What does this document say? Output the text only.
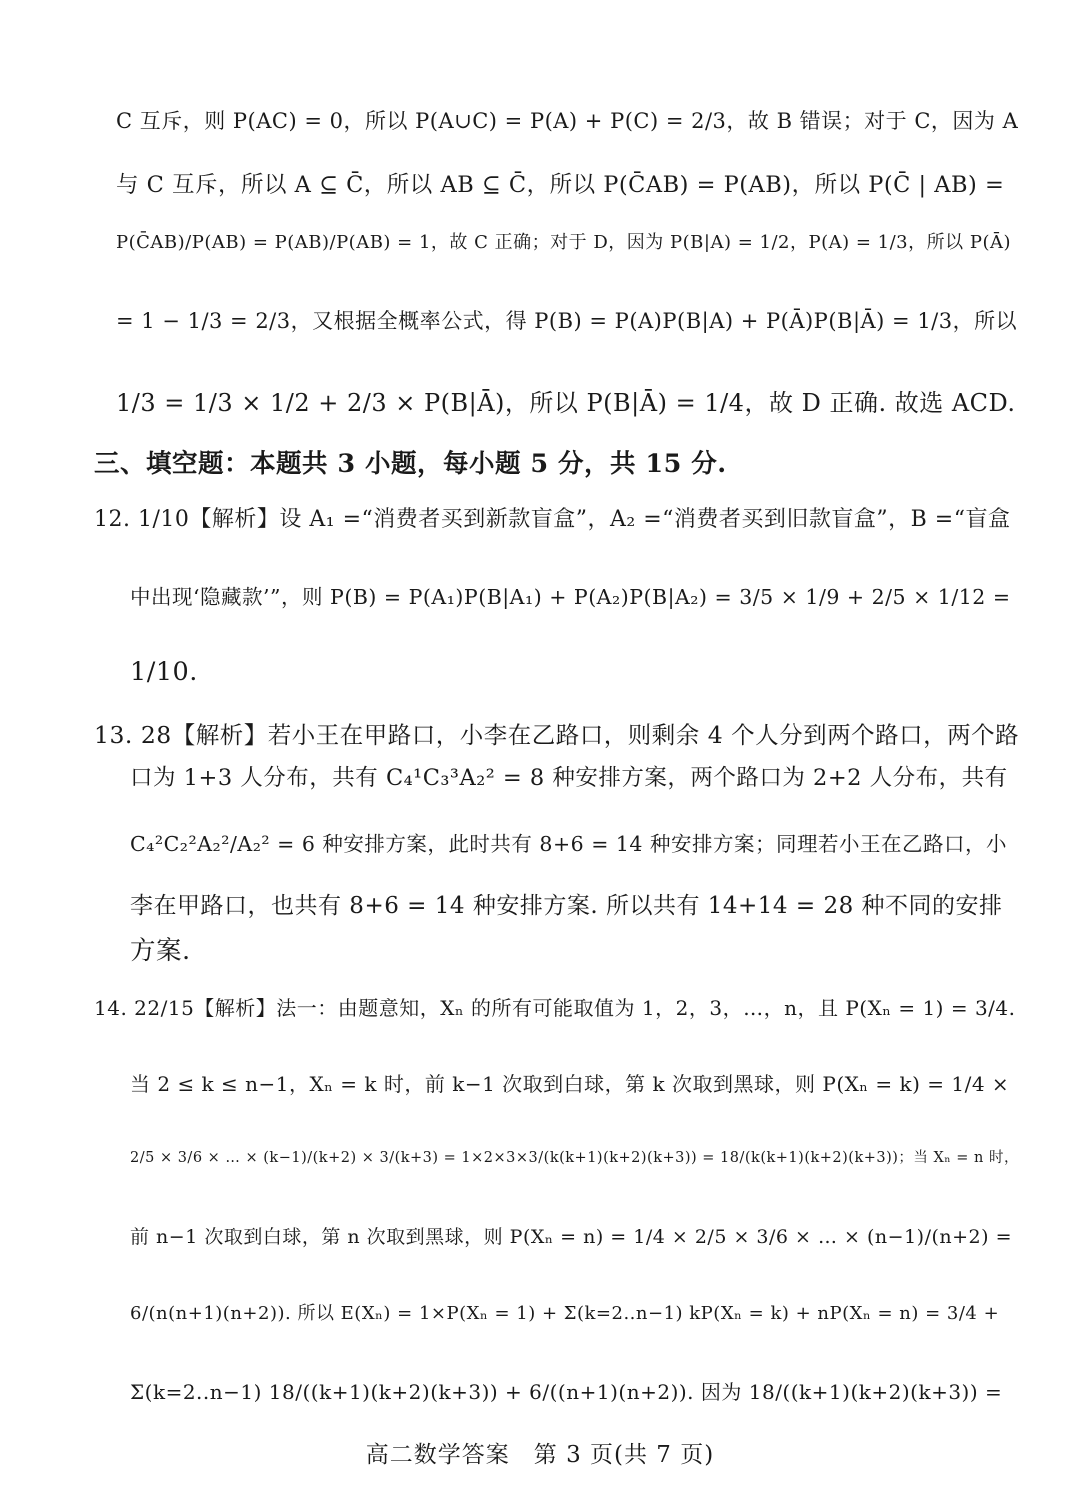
C 互斥，则 P(AC) = 0，所以 P(A∪C) = P(A) + P(C) = 2/3，故 B 错误；对于 C，因为 A
与 C 互斥，所以 A ⊆ C̄，所以 AB ⊆ C̄，所以 P(C̄AB) = P(AB)，所以 P(C̄ | AB) =
P(C̄AB)/P(AB) = P(AB)/P(AB) = 1，故 C 正确；对于 D，因为 P(B|A) = 1/2，P(A) = 1/3，所以 P(Ā)
= 1 − 1/3 = 2/3，又根据全概率公式，得 P(B) = P(A)P(B|A) + P(Ā)P(B|Ā) = 1/3，所以
1/3 = 1/3 × 1/2 + 2/3 × P(B|Ā)，所以 P(B|Ā) = 1/4，故 D 正确. 故选 ACD.
三、填空题：本题共 3 小题，每小题 5 分，共 15 分.
12. 1/10【解析】设 A₁ =“消费者买到新款盲盒”，A₂ =“消费者买到旧款盲盒”，B =“盲盒
中出现‘隐藏款’”，则 P(B) = P(A₁)P(B|A₁) + P(A₂)P(B|A₂) = 3/5 × 1/9 + 2/5 × 1/12 =
1/10.
13. 28【解析】若小王在甲路口，小李在乙路口，则剩余 4 个人分到两个路口，两个路
口为 1+3 人分布，共有 C₄¹C₃³A₂² = 8 种安排方案，两个路口为 2+2 人分布，共有
C₄²C₂²A₂²/A₂² = 6 种安排方案，此时共有 8+6 = 14 种安排方案；同理若小王在乙路口，小
李在甲路口，也共有 8+6 = 14 种安排方案. 所以共有 14+14 = 28 种不同的安排
方案.
14. 22/15【解析】法一：由题意知，Xₙ 的所有可能取值为 1，2，3，…，n，且 P(Xₙ = 1) = 3/4.
当 2 ≤ k ≤ n−1，Xₙ = k 时，前 k−1 次取到白球，第 k 次取到黑球，则 P(Xₙ = k) = 1/4 ×
2/5 × 3/6 × … × (k−1)/(k+2) × 3/(k+3) = 1×2×3×3/(k(k+1)(k+2)(k+3)) = 18/(k(k+1)(k+2)(k+3))；当 Xₙ = n 时，
前 n−1 次取到白球，第 n 次取到黑球，则 P(Xₙ = n) = 1/4 × 2/5 × 3/6 × … × (n−1)/(n+2) =
6/(n(n+1)(n+2)). 所以 E(Xₙ) = 1×P(Xₙ = 1) + Σ(k=2..n−1) kP(Xₙ = k) + nP(Xₙ = n) = 3/4 +
Σ(k=2..n−1) 18/((k+1)(k+2)(k+3)) + 6/((n+1)(n+2)). 因为 18/((k+1)(k+2)(k+3)) =
高二数学答案　第 3 页(共 7 页)
